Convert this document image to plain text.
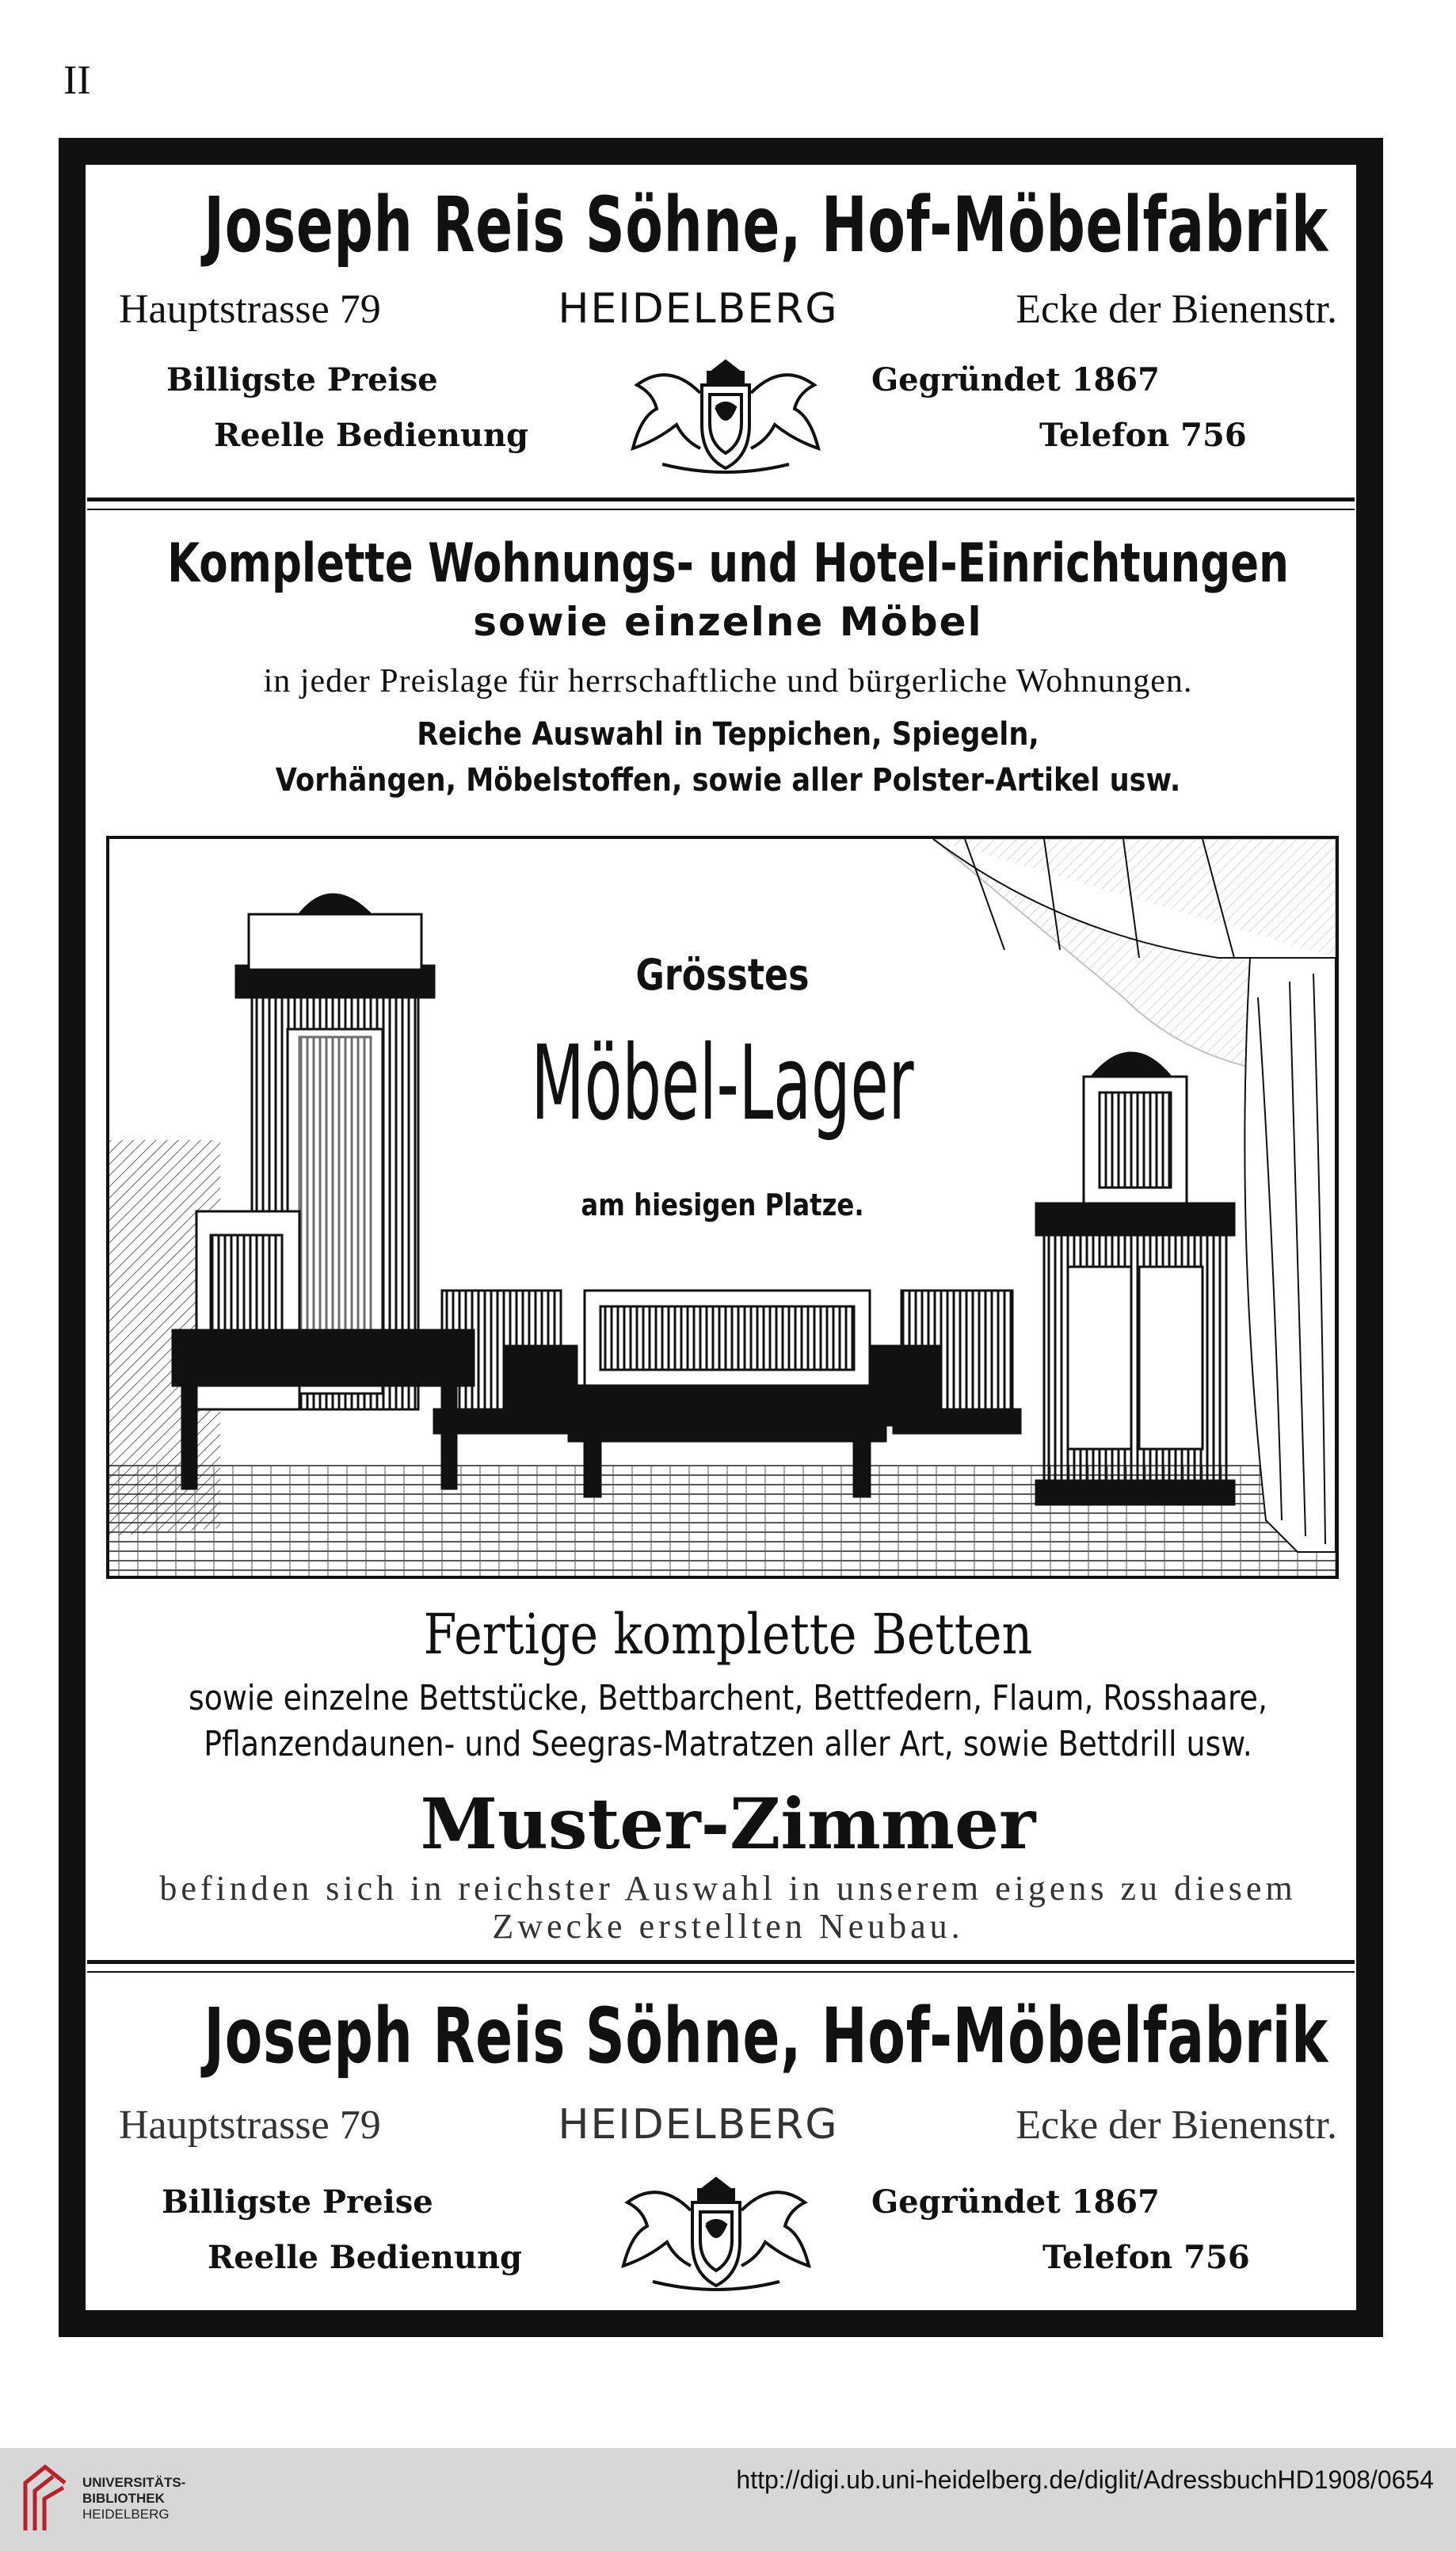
II
Joseph Reis Söhne, Hof-Möbelfabrik
Hauptstrasse 79	HEIDELBERG	Ecke der Bienenstr.
Billigste Preise
Reelle Bedienung
Gegründet 1867
Telefon 756
Komplette Wohnungs- und Hotel-Einrichtungen
sowie einzelne Möbel
in jeder Preislage für herrschaftliche und bürgerliche Wohnungen.
Reiche Auswahl in Teppichen, Spiegeln,
Vorhängen, Möbelstoffen, sowie aller Polster-Artikel usw.
Grösstes
Möbel-Lager
am hiesigen Platze.
Fertige komplette Betten
sowie einzelne Bettstücke, Bettbarchent, Bettfedern, Flaum, Rosshaare,
Pflanzendaunen- und Seegras-Matratzen aller Art, sowie Bettdrill usw.
Muster-Zimmer
befinden sich in reichster Auswahl in unserem eigens zu diesem
Zwecke erstellten Neubau.
Joseph Reis Söhne, Hof-Möbelfabrik
Hauptstrasse 79	HEIDELBERG	Ecke der Bienenstr.
Billigste Preise
Reelle Bedienung
Gegründet 1867
Telefon 756
UNIVERSITÄTS-
BIBLIOTHEK
HEIDELBERG
http://digi.ub.uni-heidelberg.de/diglit/AdressbuchHD1908/0654
